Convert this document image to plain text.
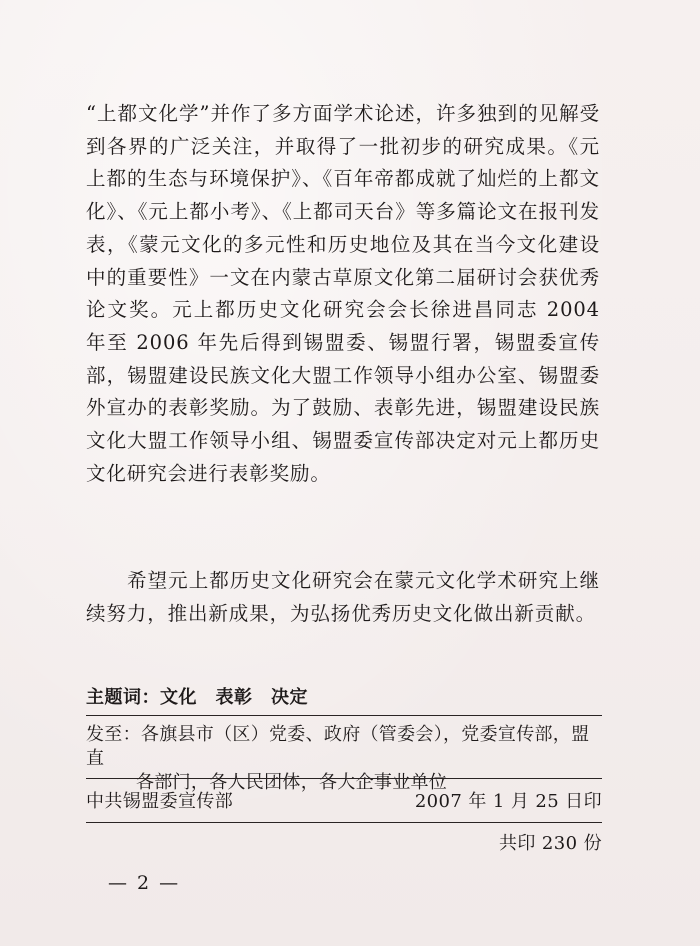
“上都文化学”并作了多方面学术论述，许多独到的见解受到各界的广泛关注，并取得了一批初步的研究成果。《元上都的生态与环境保护》、《百年帝都成就了灿烂的上都文化》、《元上都小考》、《上都司天台》等多篇论文在报刊发表，《蒙元文化的多元性和历史地位及其在当今文化建设中的重要性》一文在内蒙古草原文化第二届研讨会获优秀论文奖。元上都历史文化研究会会长徐进昌同志 2004 年至 2006 年先后得到锡盟委、锡盟行署，锡盟委宣传部，锡盟建设民族文化大盟工作领导小组办公室、锡盟委外宣办的表彰奖励。为了鼓励、表彰先进，锡盟建设民族文化大盟工作领导小组、锡盟委宣传部决定对元上都历史文化研究会进行表彰奖励。
希望元上都历史文化研究会在蒙元文化学术研究上继续努力，推出新成果，为弘扬优秀历史文化做出新贡献。
主题词：文化　表彰　决定
发至：各旗县市（区）党委、政府（管委会），党委宣传部，盟直
各部门，各人民团体，各大企事业单位
中共锡盟委宣传部	2007 年 1 月 25 日印
共印 230 份
— 2 —
